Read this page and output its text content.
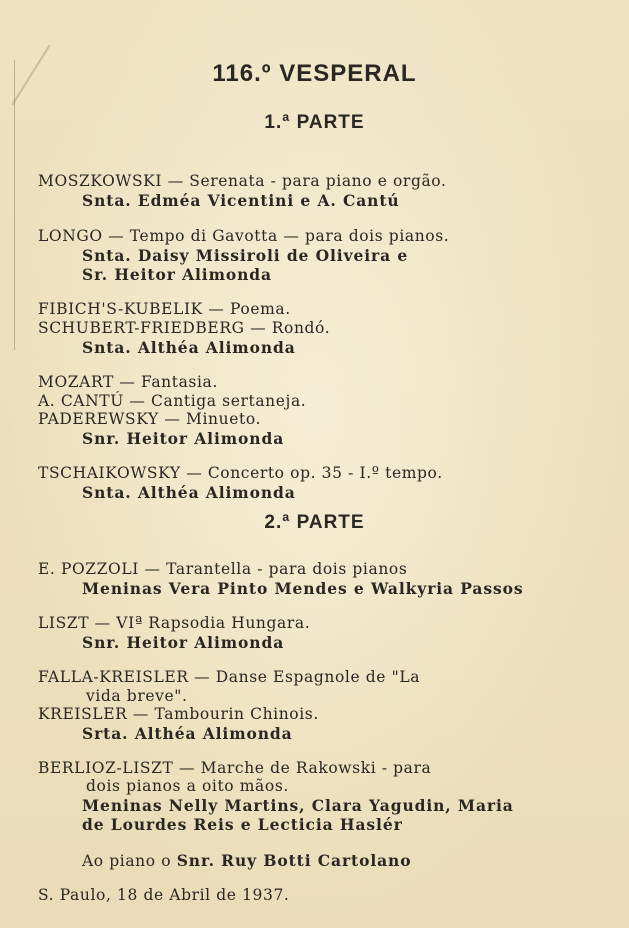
116.º VESPERAL
1.ª PARTE
MOSZKOWSKI — Serenata - para piano e orgão.
Snta. Edméa Vicentini e A. Cantú
LONGO — Tempo di Gavotta — para dois pianos.
Snta. Daisy Missiroli de Oliveira e
Sr. Heitor Alimonda
FIBICH'S-KUBELIK — Poema.
SCHUBERT-FRIEDBERG — Rondó.
Snta. Althéa Alimonda
MOZART — Fantasia.
A. CANTÚ — Cantiga sertaneja.
PADEREWSKY — Minueto.
Snr. Heitor Alimonda
TSCHAIKOWSKY — Concerto op. 35 - I.º tempo.
Snta. Althéa Alimonda
2.ª PARTE
E. POZZOLI — Tarantella - para dois pianos
Meninas Vera Pinto Mendes e Walkyria Passos
LISZT — VIª Rapsodia Hungara.
Snr. Heitor Alimonda
FALLA-KREISLER — Danse Espagnole de "La
vida breve".
KREISLER — Tambourin Chinois.
Srta. Althéa Alimonda
BERLIOZ-LISZT — Marche de Rakowski - para
dois pianos a oito mãos.
Meninas Nelly Martins, Clara Yagudin, Maria
de Lourdes Reis e Lecticia Haslér
Ao piano o Snr. Ruy Botti Cartolano
S. Paulo, 18 de Abril de 1937.
